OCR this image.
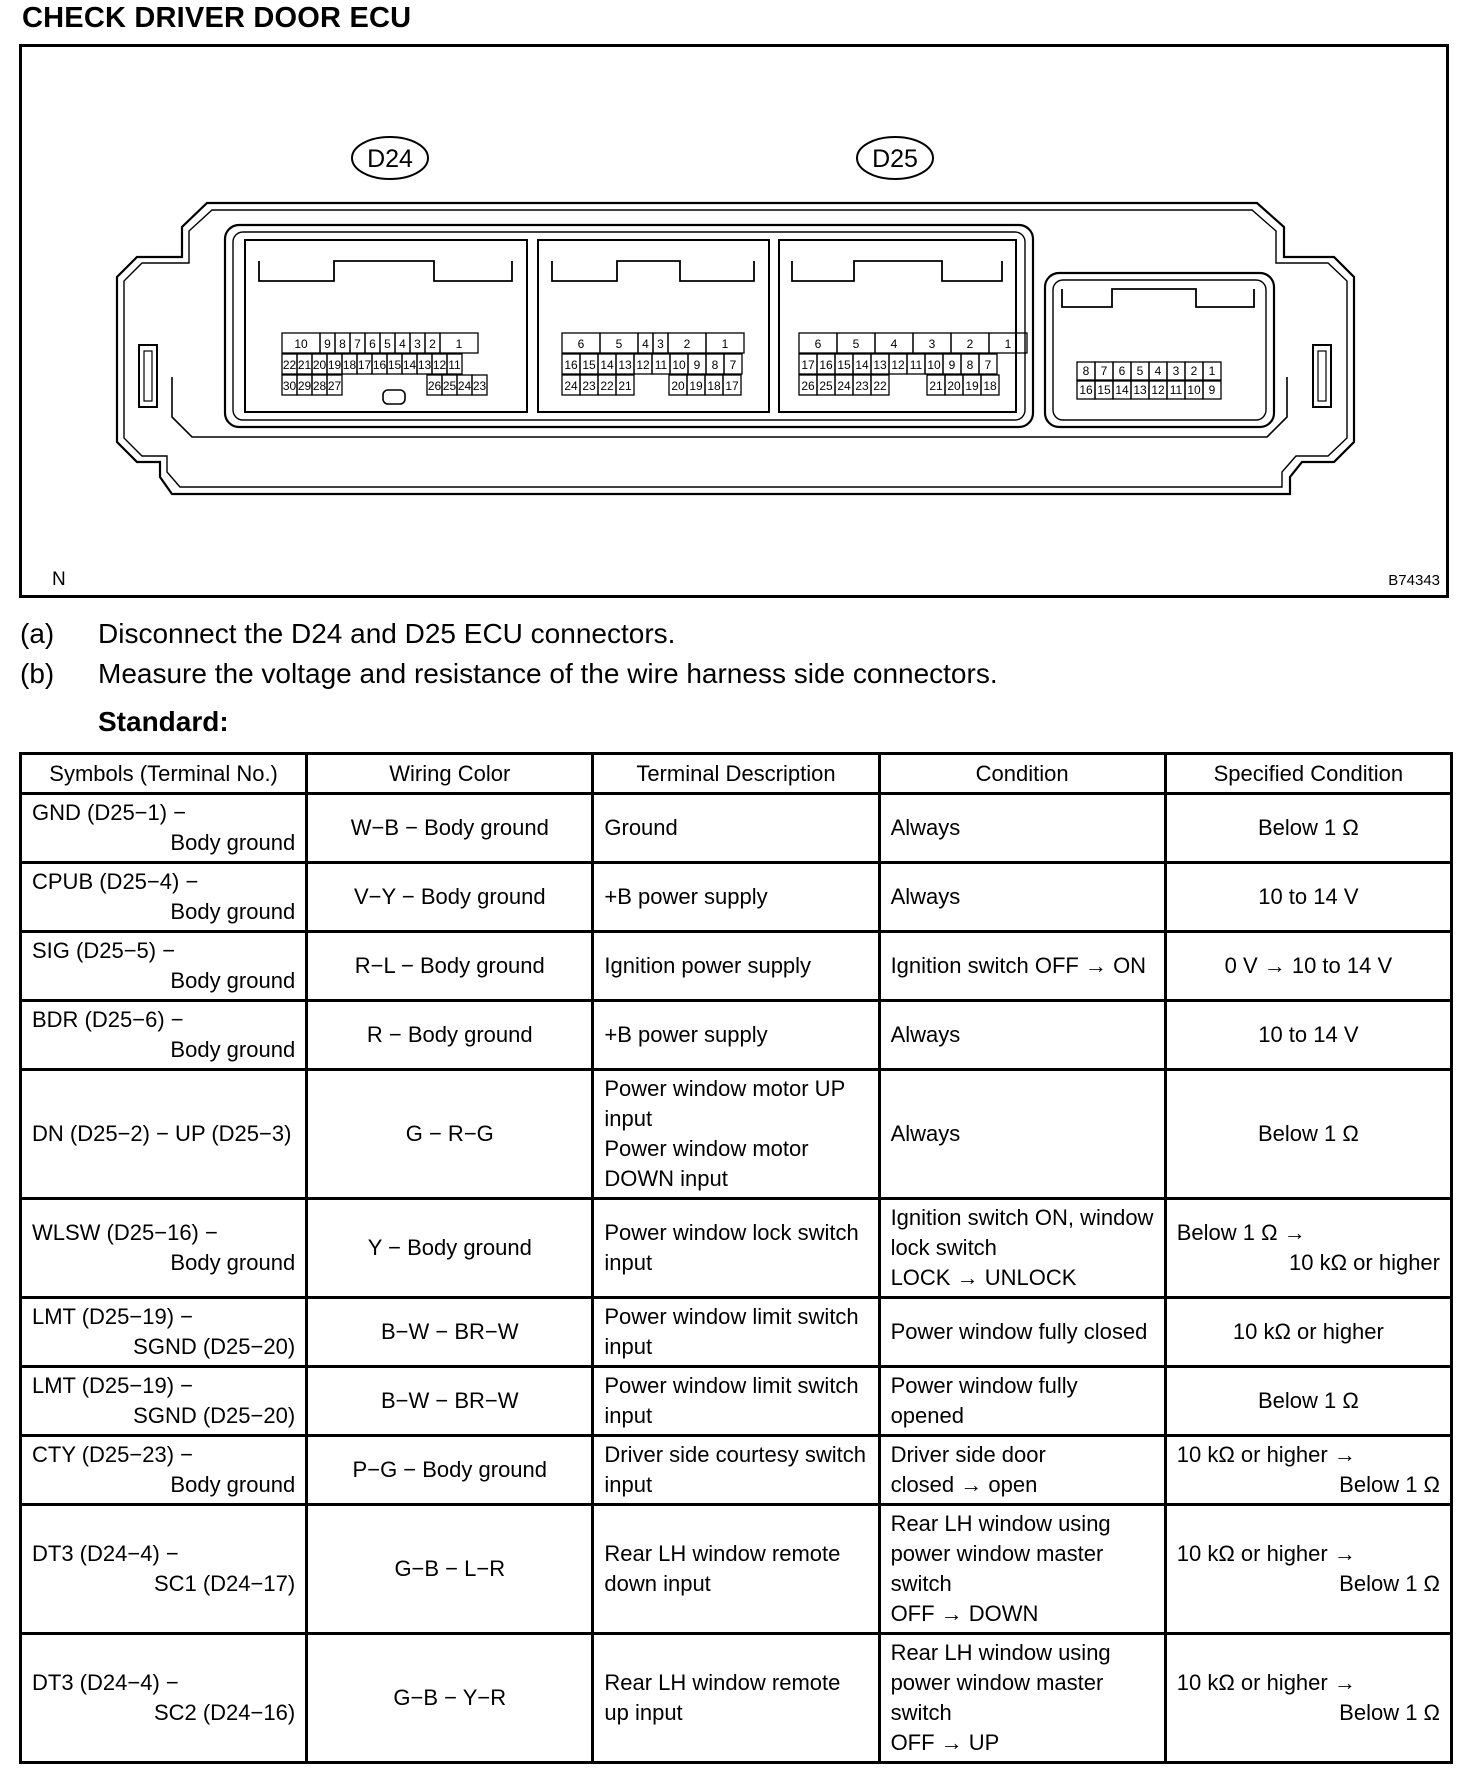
CHECK DRIVER DOOR ECU
10 9 8 7 6 5 4 3 2 1
22 21 20 19 18 17 16 15 14 13 12 11
30 29 28 27	26 25 24 23
6	5 4 3 2	1
16 15 14 13 12 11 10 9 8 7
24 23 22 21	20 19 18 17
6	5	4	3	2	1
17 16 15 14 13 12 11 10 9 8 7
26 25 24 23 22	21 20 19 18
8 7 6 5 4 3 2 1
16 15 14 13 12 11 10 9
D24	D25
N	B74343
(a) Disconnect the D24 and D25 ECU connectors.
(b) Measure the voltage and resistance of the wire harness side connectors.
Standard:
Symbols (Terminal No.)	Wiring Color	Terminal Description	Condition	Specified Condition

GND (D25−1) −
Body ground	W−B − Body ground	Ground	Always	Below 1 Ω

CPUB (D25−4) −
Body ground	V−Y − Body ground	+B power supply	Always	10 to 14 V

SIG (D25−5) −
Body ground	R−L − Body ground	Ignition power supply	Ignition switch OFF → ON	0 V → 10 to 14 V

BDR (D25−6) −
Body ground	R − Body ground	+B power supply	Always	10 to 14 V

DN (D25−2) − UP (D25−3)	G − R−G	Power window motor UP input
Power window motor DOWN input	Always	Below 1 Ω

WLSW (D25−16) −
Body ground	Y − Body ground	Power window lock switch input	Ignition switch ON, window lock switch
LOCK → UNLOCK	Below 1 Ω →
10 kΩ or higher

LMT (D25−19) −
SGND (D25−20)	B−W − BR−W	Power window limit switch input	Power window fully closed	10 kΩ or higher

LMT (D25−19) −
SGND (D25−20)	B−W − BR−W	Power window limit switch input	Power window fully opened	Below 1 Ω

CTY (D25−23) −
Body ground	P−G − Body ground	Driver side courtesy switch input	Driver side door
closed → open	10 kΩ or higher →
Below 1 Ω

DT3 (D24−4) −
SC1 (D24−17)	G−B − L−R	Rear LH window remote down input	Rear LH window using power window master switch
OFF → DOWN	10 kΩ or higher →
Below 1 Ω

DT3 (D24−4) −
SC2 (D24−16)	G−B − Y−R	Rear LH window remote up input	Rear LH window using power window master switch
OFF → UP	10 kΩ or higher →
Below 1 Ω
